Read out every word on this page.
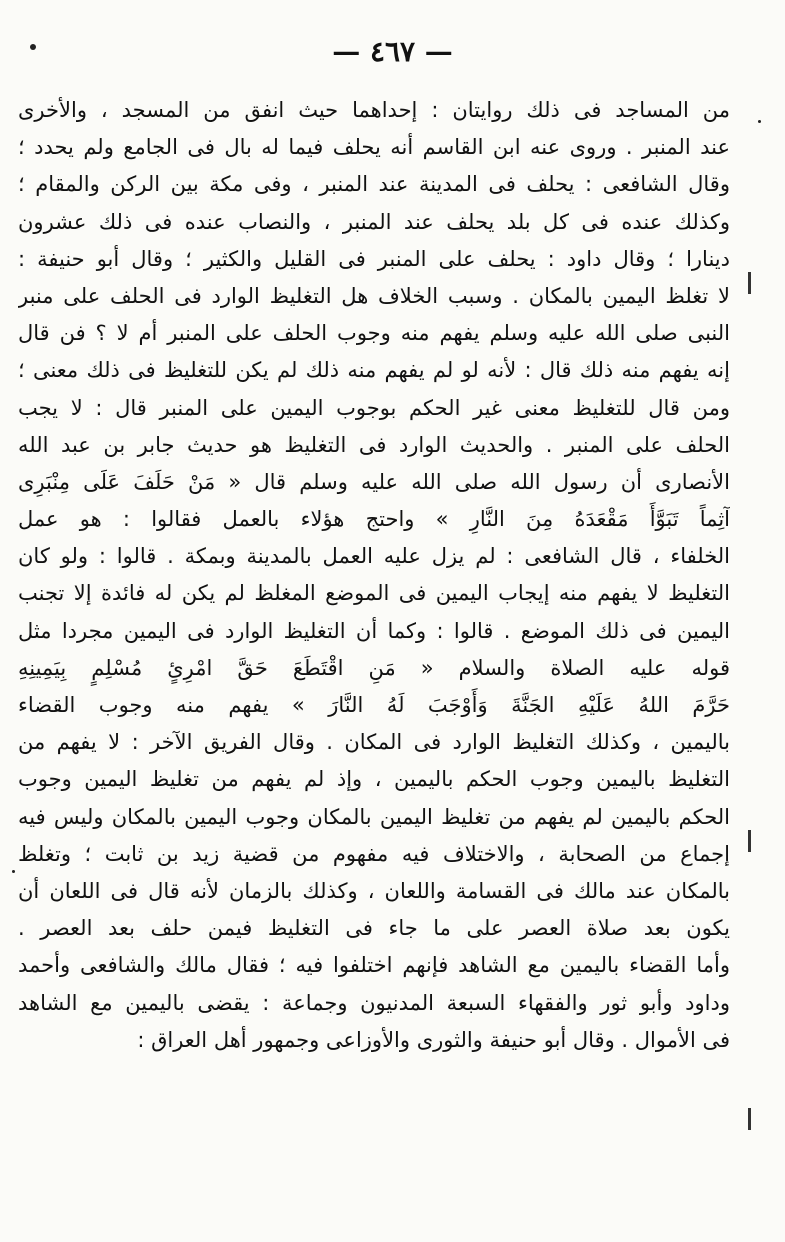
— ٤٦٧ —
من المساجد فى ذلك روايتان : إحداهما حيث انفق من المسجد ، والأخرى
عند المنبر . وروى عنه ابن القاسم أنه يحلف فيما له بال فى الجامع ولم يحدد ؛
وقال الشافعى : يحلف فى المدينة عند المنبر ، وفى مكة بين الركن والمقام ؛
وكذلك عنده فى كل بلد يحلف عند المنبر ، والنصاب عنده فى ذلك عشرون
دينارا ؛ وقال داود : يحلف على المنبر فى القليل والكثير ؛ وقال أبو حنيفة :
لا تغلظ اليمين بالمكان . وسبب الخلاف هل التغليظ الوارد فى الحلف على منبر
النبى صلى الله عليه وسلم يفهم منه وجوب الحلف على المنبر أم لا ؟ فن قال
إنه يفهم منه ذلك قال : لأنه لو لم يفهم منه ذلك لم يكن للتغليظ فى ذلك معنى ؛
ومن قال للتغليظ معنى غير الحكم بوجوب اليمين على المنبر قال : لا يجب
الحلف على المنبر . والحديث الوارد فى التغليظ هو حديث جابر بن عبد الله
الأنصارى أن رسول الله صلى الله عليه وسلم قال « مَنْ حَلَفَ عَلَى مِنْبَرِى
آثِماً تَبَوَّأَ مَقْعَدَهُ مِنَ النَّارِ » واحتج هؤلاء بالعمل فقالوا : هو عمل
الخلفاء ، قال الشافعى : لم يزل عليه العمل بالمدينة وبمكة . قالوا : ولو كان
التغليظ لا يفهم منه إيجاب اليمين فى الموضع المغلظ لم يكن له فائدة إلا تجنب
اليمين فى ذلك الموضع . قالوا : وكما أن التغليظ الوارد فى اليمين مجردا مثل
قوله عليه الصلاة والسلام « مَنِ اقْتَطَعَ حَقَّ امْرِئٍ مُسْلِمٍ بِيَمِينِهِ
حَرَّمَ اللهُ عَلَيْهِ الجَنَّةَ وَأَوْجَبَ لَهُ النَّارَ » يفهم منه وجوب القضاء
باليمين ، وكذلك التغليظ الوارد فى المكان . وقال الفريق الآخر : لا يفهم من
التغليظ باليمين وجوب الحكم باليمين ، وإذ لم يفهم من تغليظ اليمين وجوب
الحكم باليمين لم يفهم من تغليظ اليمين بالمكان وجوب اليمين بالمكان وليس فيه
إجماع من الصحابة ، والاختلاف فيه مفهوم من قضية زيد بن ثابت ؛ وتغلظ
بالمكان عند مالك فى القسامة واللعان ، وكذلك بالزمان لأنه قال فى اللعان أن
يكون بعد صلاة العصر على ما جاء فى التغليظ فيمن حلف بعد العصر .
وأما القضاء باليمين مع الشاهد فإنهم اختلفوا فيه ؛ فقال مالك والشافعى وأحمد
وداود وأبو ثور والفقهاء السبعة المدنيون وجماعة : يقضى باليمين مع الشاهد
فى الأموال . وقال أبو حنيفة والثورى والأوزاعى وجمهور أهل العراق :
